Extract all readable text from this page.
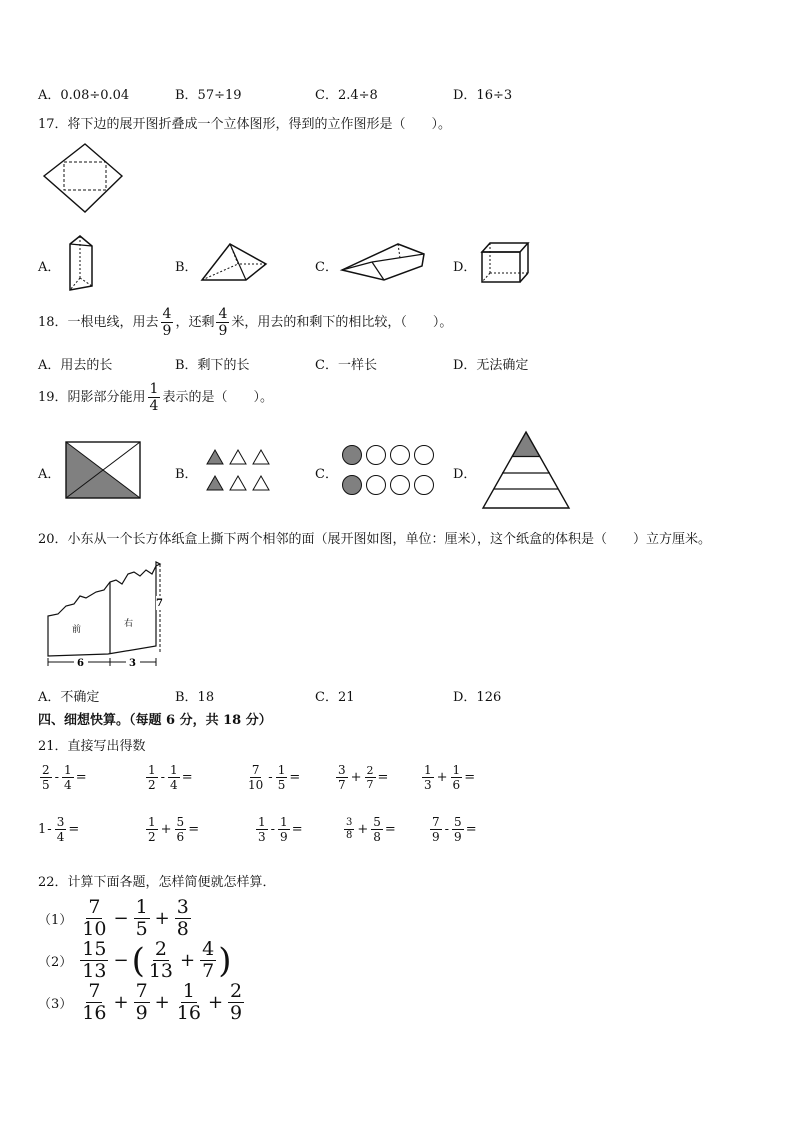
A．0.08÷0.04	B．57÷19	C．2.4÷8	D．16÷3
17．将下边的展开图折叠成一个立体图形，得到的立作图形是（　　）。
A．	B．	C．	D．
18．一根电线，用去 $\frac{4}{9}$ ，还剩 $\frac{4}{9}$ 米，用去的和剩下的相比较，（　　）。
A．用去的长	B．剩下的长	C．一样长	D．无法确定
19．阴影部分能用 $\frac{1}{4}$ 表示的是（　　）。
A．	B．	C．	D．
20．小东从一个长方体纸盒上撕下两个相邻的面（展开图如图，单位：厘米），这个纸盒的体积是（　　）立方厘米。
前
右
6	3
7
A．不确定	B．18	C．21	D．126
四、细想快算。（每题 6 分，共 18 分）
21．直接写出得数
$\frac{2}{5} - \frac{1}{4}$ =	$\frac{1}{2} - \frac{1}{4}$ =	$\frac{7}{10} - \frac{1}{5}$ =	$\frac{3}{7} + \frac{2}{7}$ =	$\frac{1}{3} + \frac{1}{6}$ =
$1 - \frac{3}{4}$ =	$\frac{1}{2} + \frac{5}{6}$ =	$\frac{1}{3} - \frac{1}{9}$ =	$\frac{3}{8} + \frac{5}{8}$ =	$\frac{7}{9} - \frac{5}{9}$ =
22．计算下面各题，怎样简便就怎样算．
$(1) \frac{7}{10} - \frac{1}{5} + \frac{3}{8}$
$(2) \frac{15}{13}$ − ( $\frac{2}{13} + \frac{4}{7}$ )
$(3) \frac{7}{16} + \frac{7}{9} + \frac{1}{16} + \frac{2}{9}$
